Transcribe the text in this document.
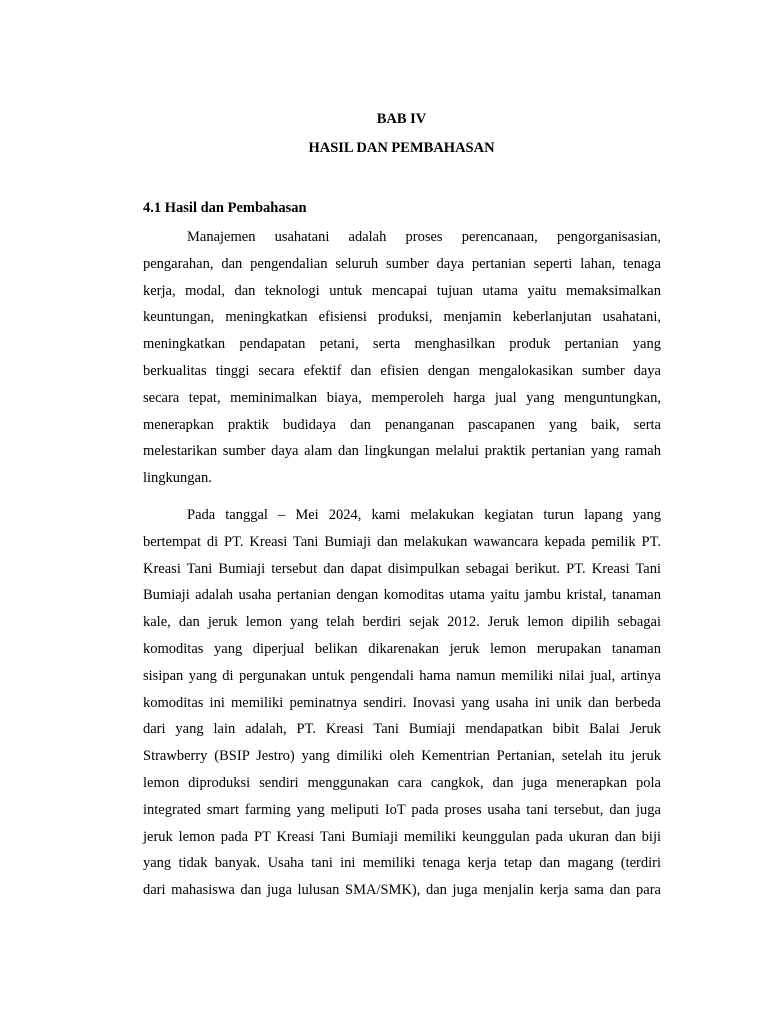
BAB IV
HASIL DAN PEMBAHASAN
4.1 Hasil dan Pembahasan

Manajemen usahatani adalah proses perencanaan, pengorganisasian,
pengarahan, dan pengendalian seluruh sumber daya pertanian seperti lahan, tenaga
kerja, modal, dan teknologi untuk mencapai tujuan utama yaitu memaksimalkan
keuntungan, meningkatkan efisiensi produksi, menjamin keberlanjutan usahatani,
meningkatkan pendapatan petani, serta menghasilkan produk pertanian yang
berkualitas tinggi secara efektif dan efisien dengan mengalokasikan sumber daya
secara tepat, meminimalkan biaya, memperoleh harga jual yang menguntungkan,
menerapkan praktik budidaya dan penanganan pascapanen yang baik, serta
melestarikan sumber daya alam dan lingkungan melalui praktik pertanian yang ramah
lingkungan.

Pada tanggal – Mei 2024, kami melakukan kegiatan turun lapang yang
bertempat di PT. Kreasi Tani Bumiaji dan melakukan wawancara kepada pemilik PT.
Kreasi Tani Bumiaji tersebut dan dapat disimpulkan sebagai berikut. PT. Kreasi Tani
Bumiaji adalah usaha pertanian dengan komoditas utama yaitu jambu kristal, tanaman
kale, dan jeruk lemon yang telah berdiri sejak 2012. Jeruk lemon dipilih sebagai
komoditas yang diperjual belikan dikarenakan jeruk lemon merupakan tanaman
sisipan yang di pergunakan untuk pengendali hama namun memiliki nilai jual, artinya
komoditas ini memiliki peminatnya sendiri. Inovasi yang usaha ini unik dan berbeda
dari yang lain adalah, PT. Kreasi Tani Bumiaji mendapatkan bibit Balai Jeruk
Strawberry (BSIP Jestro) yang dimiliki oleh Kementrian Pertanian, setelah itu jeruk
lemon diproduksi sendiri menggunakan cara cangkok, dan juga menerapkan pola
integrated smart farming yang meliputi IoT pada proses usaha tani tersebut, dan juga
jeruk lemon pada PT Kreasi Tani Bumiaji memiliki keunggulan pada ukuran dan biji
yang tidak banyak. Usaha tani ini memiliki tenaga kerja tetap dan magang (terdiri
dari mahasiswa dan juga lulusan SMA/SMK), dan juga menjalin kerja sama dan para
